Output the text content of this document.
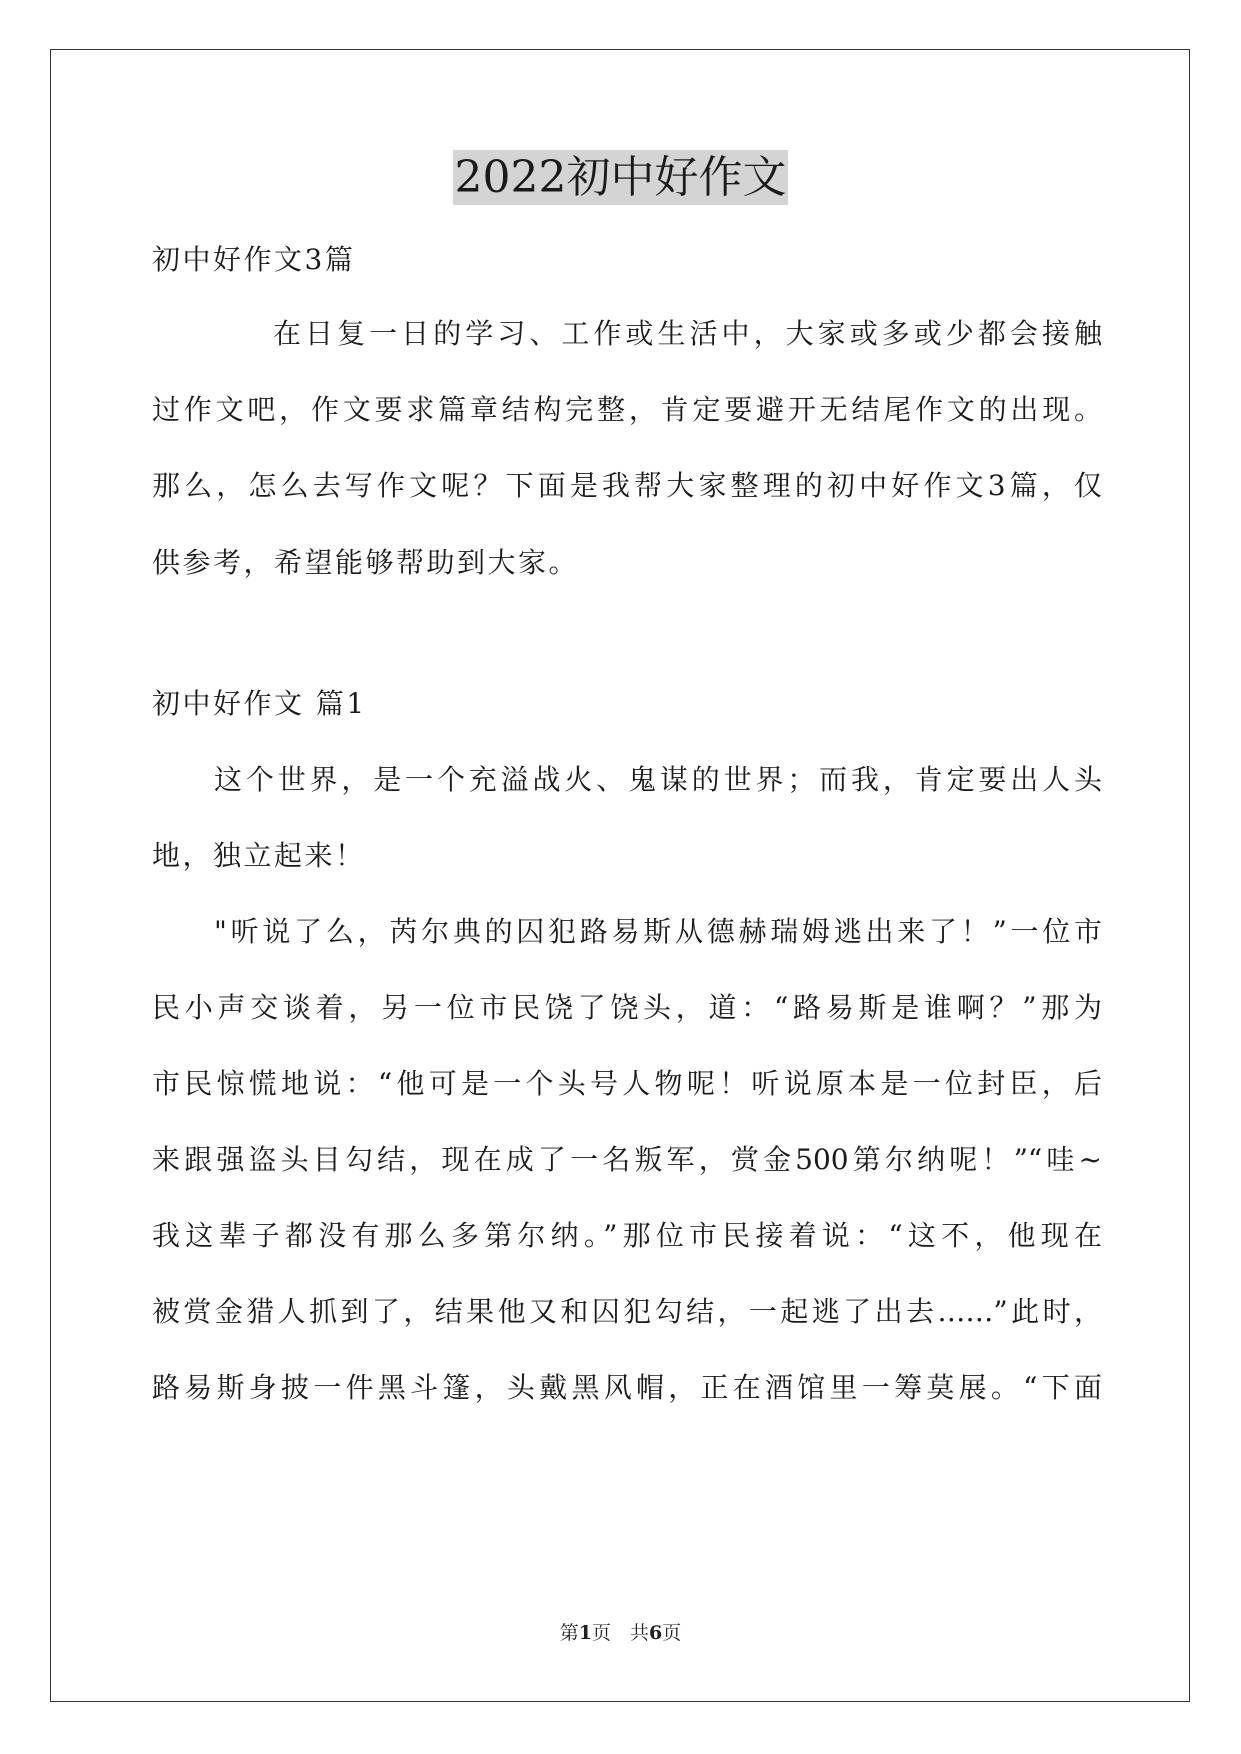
2022初中好作文
初中好作文3篇
在日复一日的学习、工作或生活中，大家或多或少都会接触
过作文吧，作文要求篇章结构完整，肯定要避开无结尾作文的出现。
那么，怎么去写作文呢？下面是我帮大家整理的初中好作文3篇，仅
供参考，希望能够帮助到大家。
初中好作文 篇1
这个世界，是一个充溢战火、鬼谋的世界；而我，肯定要出人头
地，独立起来！
"听说了么，芮尔典的囚犯路易斯从德赫瑞姆逃出来了！”一位市
民小声交谈着，另一位市民饶了饶头，道：“路易斯是谁啊？”那为
市民惊慌地说：“他可是一个头号人物呢！听说原本是一位封臣，后
来跟强盗头目勾结，现在成了一名叛军，赏金500第尔纳呢！”“哇~
我这辈子都没有那么多第尔纳。”那位市民接着说：“这不，他现在
被赏金猎人抓到了，结果他又和囚犯勾结，一起逃了出去……”此时，
路易斯身披一件黑斗篷，头戴黑风帽，正在酒馆里一筹莫展。“下面
第1页　共6页
